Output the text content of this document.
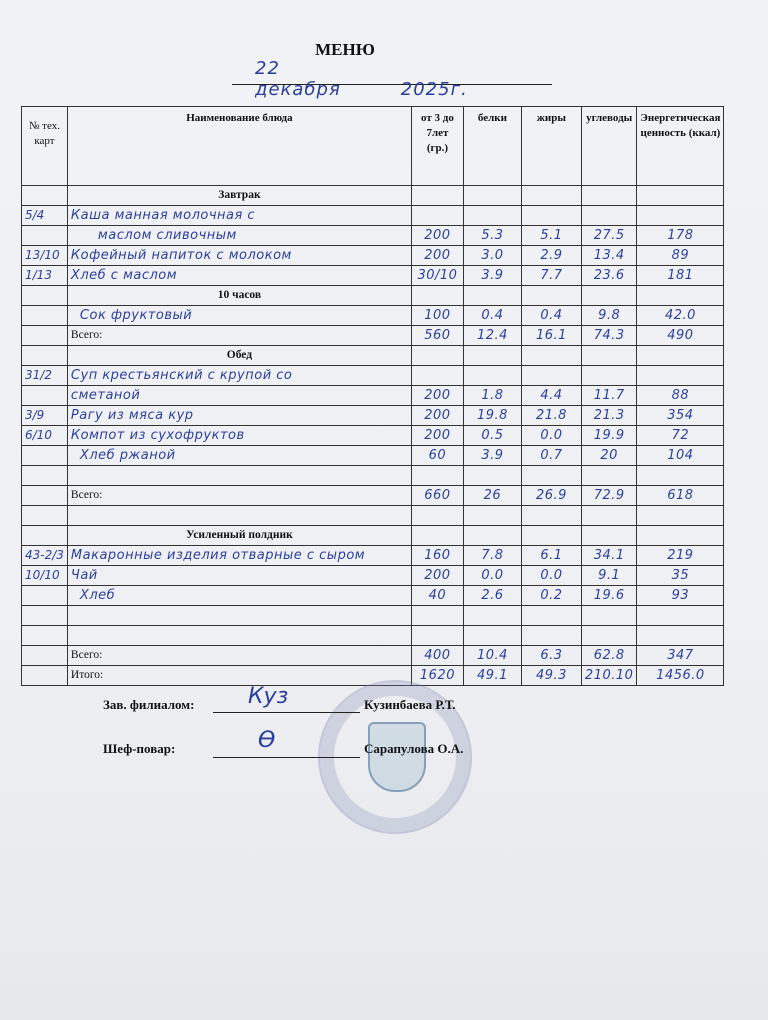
МЕНЮ
22 декабря	2025г.
№ тех. карт	Наименование блюда	от 3 до 7лет (гр.)	белки	жиры	углеводы	Энергетическая ценность (ккал)
	Завтрак					
5/4	Каша манная молочная с					
	маслом сливочным	200	5.3	5.1	27.5	178
13/10	Кофейный напиток с молоком	200	3.0	2.9	13.4	89
1/13	Хлеб с маслом	30/10	3.9	7.7	23.6	181
	10 часов					
	Сок фруктовый	100	0.4	0.4	9.8	42.0
	Всего:	560	12.4	16.1	74.3	490
	Обед					
31/2	Суп крестьянский с крупой со					
	сметаной	200	1.8	4.4	11.7	88
3/9	Рагу из мяса кур	200	19.8	21.8	21.3	354
6/10	Компот из сухофруктов	200	0.5	0.0	19.9	72
	Хлеб ржаной	60	3.9	0.7	20	104

	Всего:	660	26	26.9	72.9	618

	Усиленный полдник					
43-2/3	Макаронные изделия отварные с сыром	160	7.8	6.1	34.1	219
10/10	Чай	200	0.0	0.0	9.1	35
	Хлеб	40	2.6	0.2	19.6	93

	Всего:	400	10.4	6.3	62.8	347
	Итого:	1620	49.1	49.3	210.10	1456.0
Зав. филиалом: Куз	Кузинбаева Р.Т.
Шеф-повар:	Ѳ	Сарапулова О.А.
